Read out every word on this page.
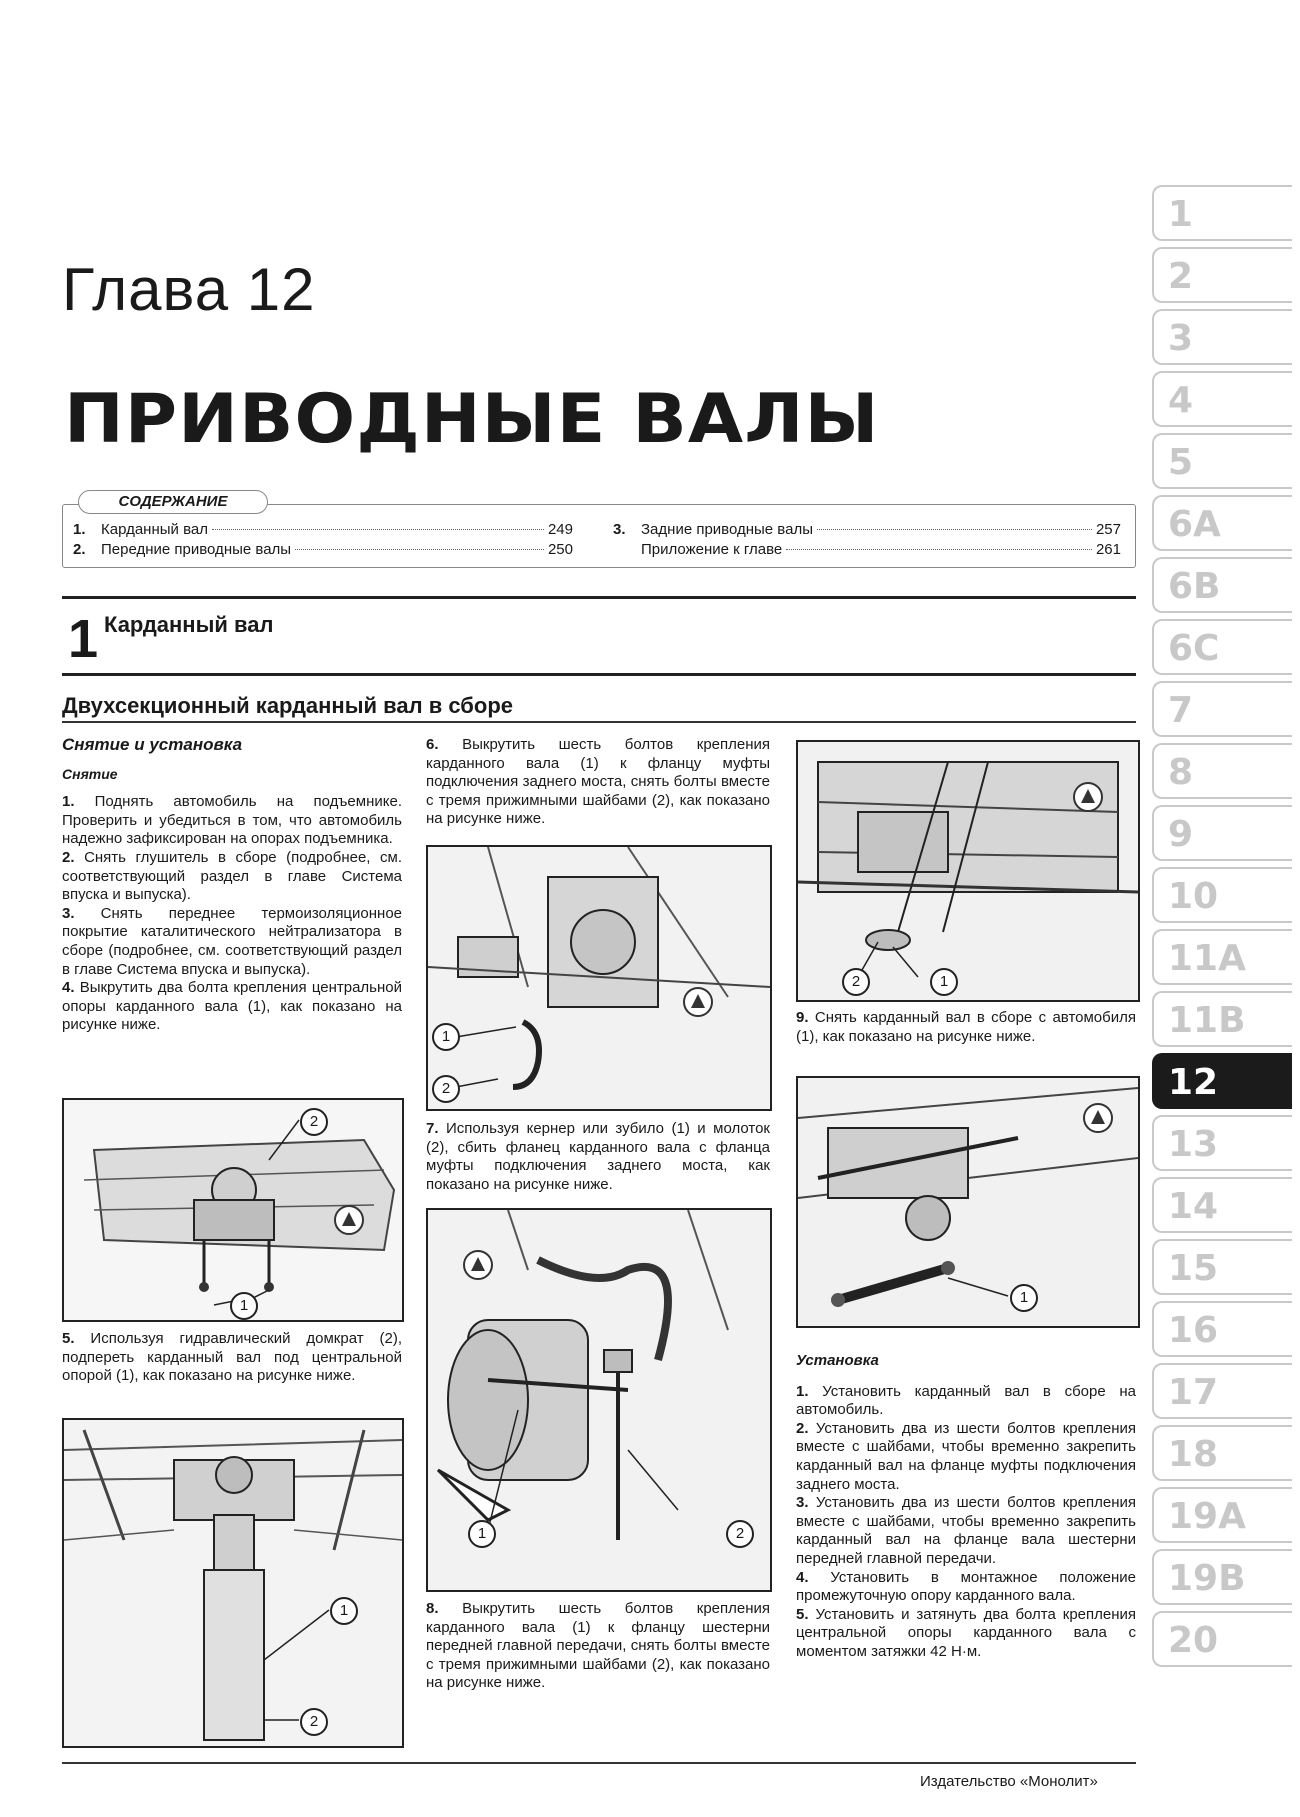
Глава 12
ПРИВОДНЫЕ ВАЛЫ
1.	Карданный вал	249
2.	Передние приводные валы	250
3.	Задние приводные валы	257
Приложение к главе	261
СОДЕРЖАНИЕ
1 Карданный вал
Двухсекционный карданный вал в сборе
Снятие и установка
Снятие

1. Поднять автомобиль на подъемнике. Проверить и убедиться в том, что автомобиль надежно зафиксирован на опорах подъемника.

2. Снять глушитель в сборе (подробнее, см. соответствующий раздел в главе Система впуска и выпуска).

3. Снять переднее термоизоляционное покрытие каталитического нейтрализатора в сборе (подробнее, см. соответствующий раздел в главе Система впуска и выпуска).

4. Выкрутить два болта крепления центральной опоры карданного вала (1), как показано на рисунке ниже.

2
1
5. Используя гидравлический домкрат (2), подпереть карданный вал под центральной опорой (1), как показано на рисунке ниже.
1
2
6. Выкрутить шесть болтов крепления карданного вала (1) к фланцу муфты подключения заднего моста, снять болты вместе с тремя прижимными шайбами (2), как показано на рисунке ниже.
1
2
7. Используя кернер или зубило (1) и молоток (2), сбить фланец карданного вала с фланца муфты подключения заднего моста, как показано на рисунке ниже.
1	2
8. Выкрутить шесть болтов крепления карданного вала (1) к фланцу шестерни передней главной передачи, снять болты вместе с тремя прижимными шайбами (2), как показано на рисунке ниже.
2	1
9. Снять карданный вал в сборе с автомобиля (1), как показано на рисунке ниже.
1
Установка

1. Установить карданный вал в сборе на автомобиль.

2. Установить два из шести болтов крепления вместе с шайбами, чтобы временно закрепить карданный вал на фланце муфты подключения заднего моста.

3. Установить два из шести болтов крепления вместе с шайбами, чтобы временно закрепить карданный вал на фланце вала шестерни передней главной передачи.

4. Установить в монтажное положение промежуточную опору карданного вала.

5. Установить и затянуть два болта крепления центральной опоры карданного вала с моментом затяжки 42 Н·м.

1
2
3
4
5
6A
6B
6C
7
8
9
10
11A
11B
12
13
14
15
16
17
18
19A
19B
20
Издательство «Монолит»
